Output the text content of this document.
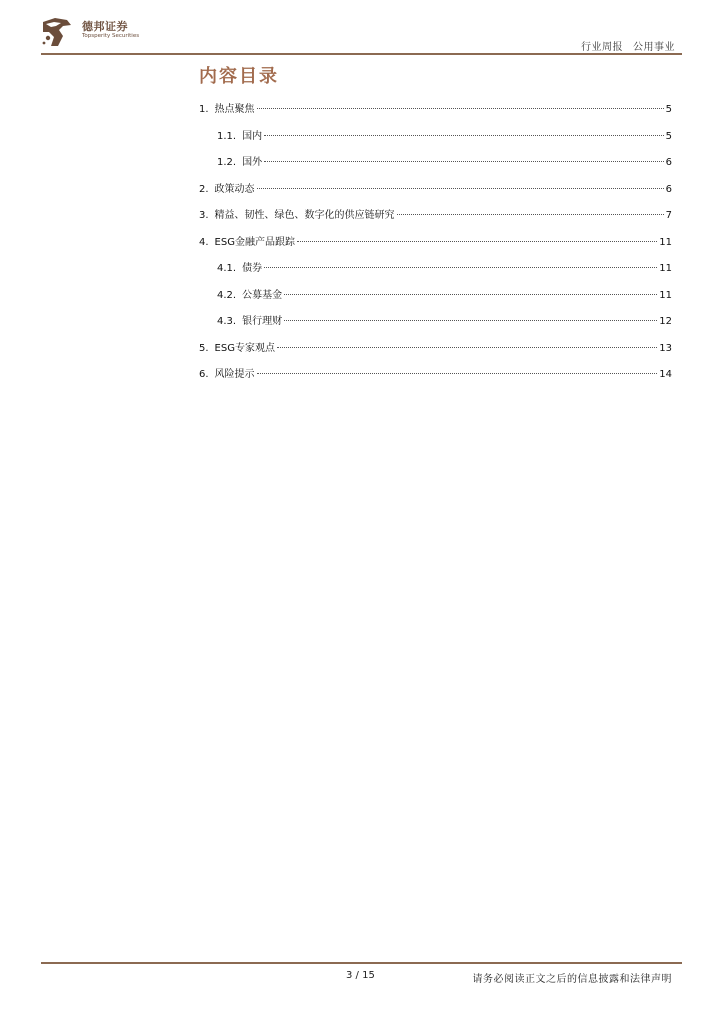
德邦证券
Topsperity Securities
行业周报 公用事业
内容目录
1. 热点聚焦	5
1.1. 国内	5
1.2. 国外	6
2. 政策动态	6
3. 精益、韧性、绿色、数字化的供应链研究	7
4. ESG金融产品跟踪	11
4.1. 债券	11
4.2. 公募基金	11
4.3. 银行理财	12
5. ESG专家观点	13
6. 风险提示	14
3 / 15	请务必阅读正文之后的信息披露和法律声明
